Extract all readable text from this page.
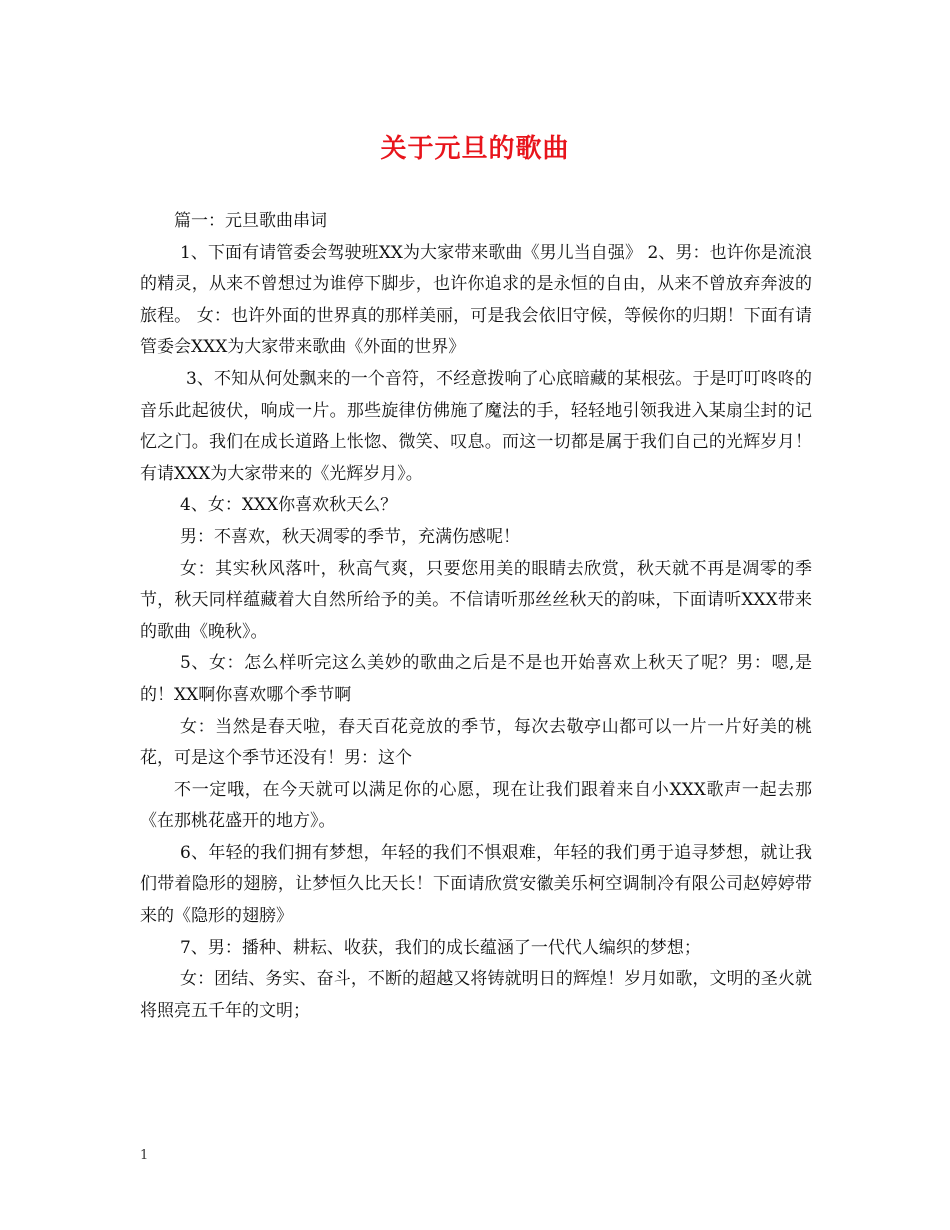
关于元旦的歌曲

篇一：元旦歌曲串词

1、下面有请管委会驾驶班XX为大家带来歌曲《男儿当自强》 2、男：也许你是流浪的精灵，从来不曾想过为谁停下脚步，也许你追求的是永恒的自由，从来不曾放弃奔波的旅程。 女：也许外面的世界真的那样美丽，可是我会依旧守候，等候你的归期！下面有请管委会XXX为大家带来歌曲《外面的世界》

3、不知从何处飘来的一个音符，不经意拨响了心底暗藏的某根弦。于是叮叮咚咚的音乐此起彼伏，响成一片。那些旋律仿佛施了魔法的手，轻轻地引领我进入某扇尘封的记忆之门。我们在成长道路上怅惚、微笑、叹息。而这一切都是属于我们自己的光辉岁月！有请XXX为大家带来的《光辉岁月》。

4、女：XXX你喜欢秋天么？

男：不喜欢，秋天凋零的季节，充满伤感呢！

女：其实秋风落叶，秋高气爽，只要您用美的眼睛去欣赏，秋天就不再是凋零的季节，秋天同样蕴藏着大自然所给予的美。不信请听那丝丝秋天的韵味，下面请听XXX带来的歌曲《晚秋》。

5、女：怎么样听完这么美妙的歌曲之后是不是也开始喜欢上秋天了呢？男：嗯,是的！XX啊你喜欢哪个季节啊

女：当然是春天啦，春天百花竞放的季节，每次去敬亭山都可以一片一片好美的桃花，可是这个季节还没有！男：这个

不一定哦，在今天就可以满足你的心愿，现在让我们跟着来自小XXX歌声一起去那《在那桃花盛开的地方》。

6、年轻的我们拥有梦想，年轻的我们不惧艰难，年轻的我们勇于追寻梦想，就让我们带着隐形的翅膀，让梦恒久比天长！下面请欣赏安徽美乐柯空调制冷有限公司赵婷婷带来的《隐形的翅膀》

7、男：播种、耕耘、收获，我们的成长蕴涵了一代代人编织的梦想；

女：团结、务实、奋斗，不断的超越又将铸就明日的辉煌！岁月如歌，文明的圣火就将照亮五千年的文明；

1
